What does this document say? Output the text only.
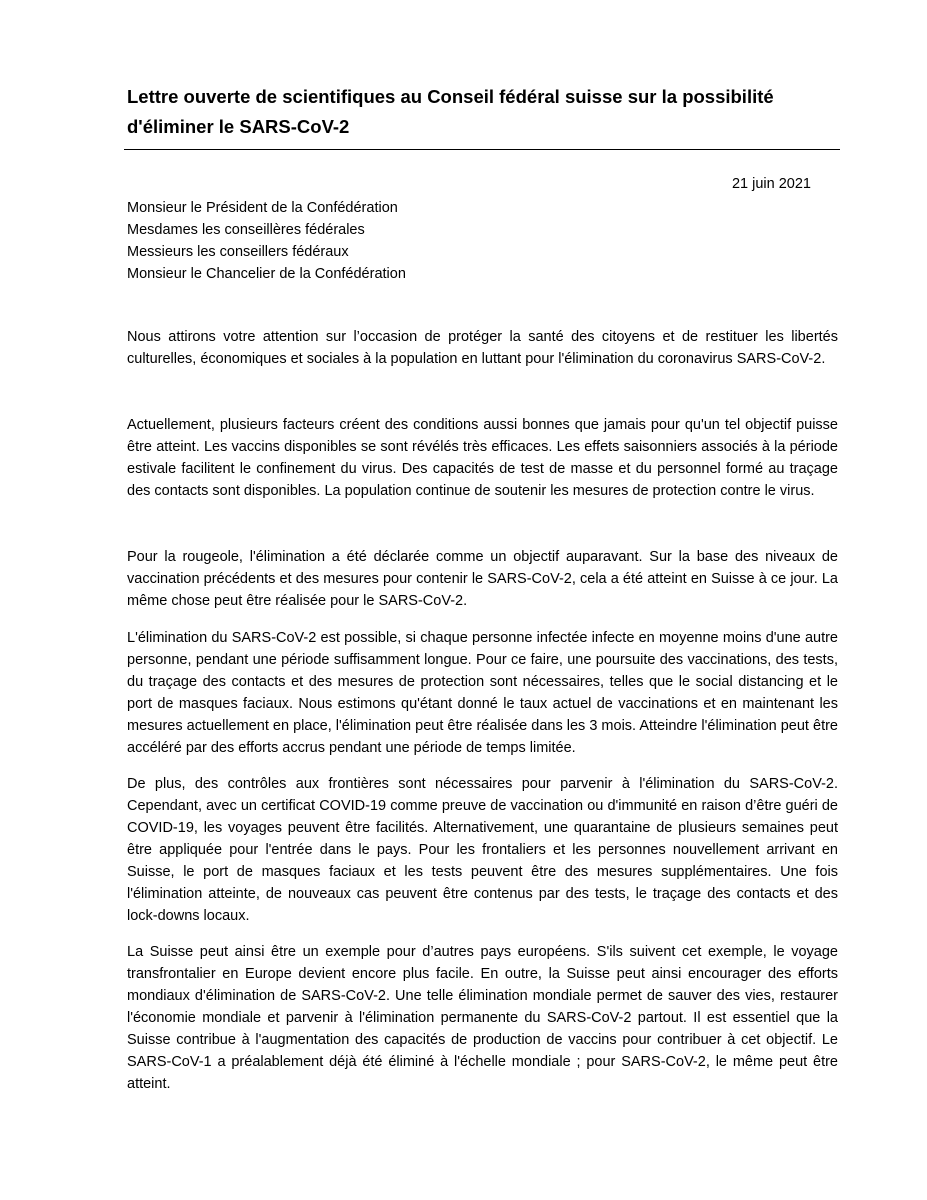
Lettre ouverte de scientifiques au Conseil fédéral suisse sur la possibilité d'éliminer le SARS-CoV-2
21 juin 2021
Monsieur le Président de la Confédération
Mesdames les conseillères fédérales
Messieurs les conseillers fédéraux
Monsieur le Chancelier de la Confédération

Nous attirons votre attention sur l’occasion de protéger la santé des citoyens et de restituer les libertés culturelles, économiques et sociales à la population en luttant pour l'élimination du coronavirus SARS-CoV-2.

Actuellement, plusieurs facteurs créent des conditions aussi bonnes que jamais pour qu'un tel objectif puisse être atteint. Les vaccins disponibles se sont révélés très efficaces. Les effets saisonniers associés à la période estivale facilitent le confinement du virus. Des capacités de test de masse et du personnel formé au traçage des contacts sont disponibles. La population continue de soutenir les mesures de protection contre le virus.

Pour la rougeole, l'élimination a été déclarée comme un objectif auparavant. Sur la base des niveaux de vaccination précédents et des mesures pour contenir le SARS-CoV-2, cela a été atteint en Suisse à ce jour. La même chose peut être réalisée pour le SARS-CoV-2.

L'élimination du SARS-CoV-2 est possible, si chaque personne infectée infecte en moyenne moins d'une autre personne, pendant une période suffisamment longue. Pour ce faire, une poursuite des vaccinations, des tests, du traçage des contacts et des mesures de protection sont nécessaires, telles que le social distancing et le port de masques faciaux. Nous estimons qu'étant donné le taux actuel de vaccinations et en maintenant les mesures actuellement en place, l'élimination peut être réalisée dans les 3 mois. Atteindre l'élimination peut être accéléré par des efforts accrus pendant une période de temps limitée.

De plus, des contrôles aux frontières sont nécessaires pour parvenir à l'élimination du SARS-CoV-2. Cependant, avec un certificat COVID-19 comme preuve de vaccination ou d'immunité en raison d’être guéri de COVID-19, les voyages peuvent être facilités. Alternativement, une quarantaine de plusieurs semaines peut être appliquée pour l'entrée dans le pays. Pour les frontaliers et les personnes nouvellement arrivant en Suisse, le port de masques faciaux et les tests peuvent être des mesures supplémentaires. Une fois l'élimination atteinte, de nouveaux cas peuvent être contenus par des tests, le traçage des contacts et des lock-downs locaux.

La Suisse peut ainsi être un exemple pour d’autres pays européens. S'ils suivent cet exemple, le voyage transfrontalier en Europe devient encore plus facile. En outre, la Suisse peut ainsi encourager des efforts mondiaux d'élimination de SARS-CoV-2. Une telle élimination mondiale permet de sauver des vies, restaurer l'économie mondiale et parvenir à l'élimination permanente du SARS-CoV-2 partout. Il est essentiel que la Suisse contribue à l'augmentation des capacités de production de vaccins pour contribuer à cet objectif. Le SARS-CoV-1 a préalablement déjà été éliminé à l'échelle mondiale ; pour SARS-CoV-2, le même peut être atteint.
